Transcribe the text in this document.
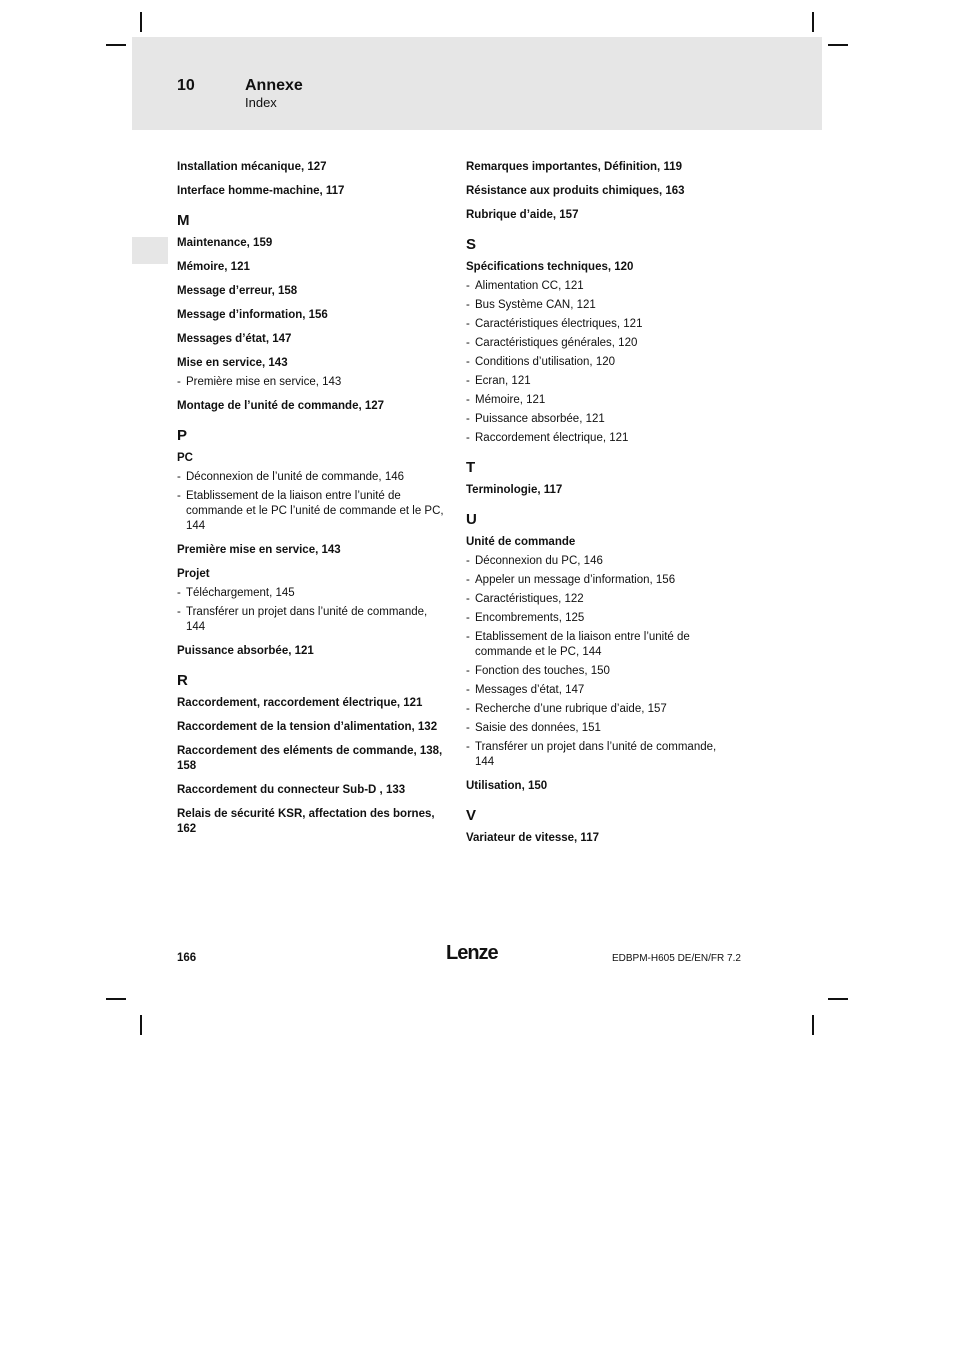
10	Annexe
Index
Installation mécanique, 127
Interface homme-machine, 117
M
Maintenance, 159
Mémoire, 121
Message d’erreur, 158
Message d’information, 156
Messages d’état, 147
Mise en service, 143
- Première mise en service, 143
Montage de l’unité de commande, 127
P
PC
- Déconnexion de l’unité de commande, 146
- Etablissement de la liaison entre l’unité de commande et le PC l’unité de commande et le PC, 144
Première mise en service, 143
Projet
- Téléchargement, 145
- Transférer un projet dans l’unité de commande, 144
Puissance absorbée, 121
R
Raccordement, raccordement électrique, 121
Raccordement de la tension d’alimentation, 132
Raccordement des eléments de commande, 138, 158
Raccordement du connecteur Sub-D , 133
Relais de sécurité KSR, affectation des bornes, 162
Remarques importantes, Définition, 119
Résistance aux produits chimiques, 163
Rubrique d’aide, 157
S
Spécifications techniques, 120
- Alimentation CC, 121
- Bus Système CAN, 121
- Caractéristiques électriques, 121
- Caractéristiques générales, 120
- Conditions d’utilisation, 120
- Ecran, 121
- Mémoire, 121
- Puissance absorbée, 121
- Raccordement électrique, 121
T
Terminologie, 117
U
Unité de commande
- Déconnexion du PC, 146
- Appeler un message d’information, 156
- Caractéristiques, 122
- Encombrements, 125
- Etablissement de la liaison entre l’unité de commande et le PC, 144
- Fonction des touches, 150
- Messages d’état, 147
- Recherche d’une rubrique d’aide, 157
- Saisie des données, 151
- Transférer un projet dans l’unité de commande, 144
Utilisation, 150
V
Variateur de vitesse, 117
166	Lenze	EDBPM-H605 DE/EN/FR 7.2
